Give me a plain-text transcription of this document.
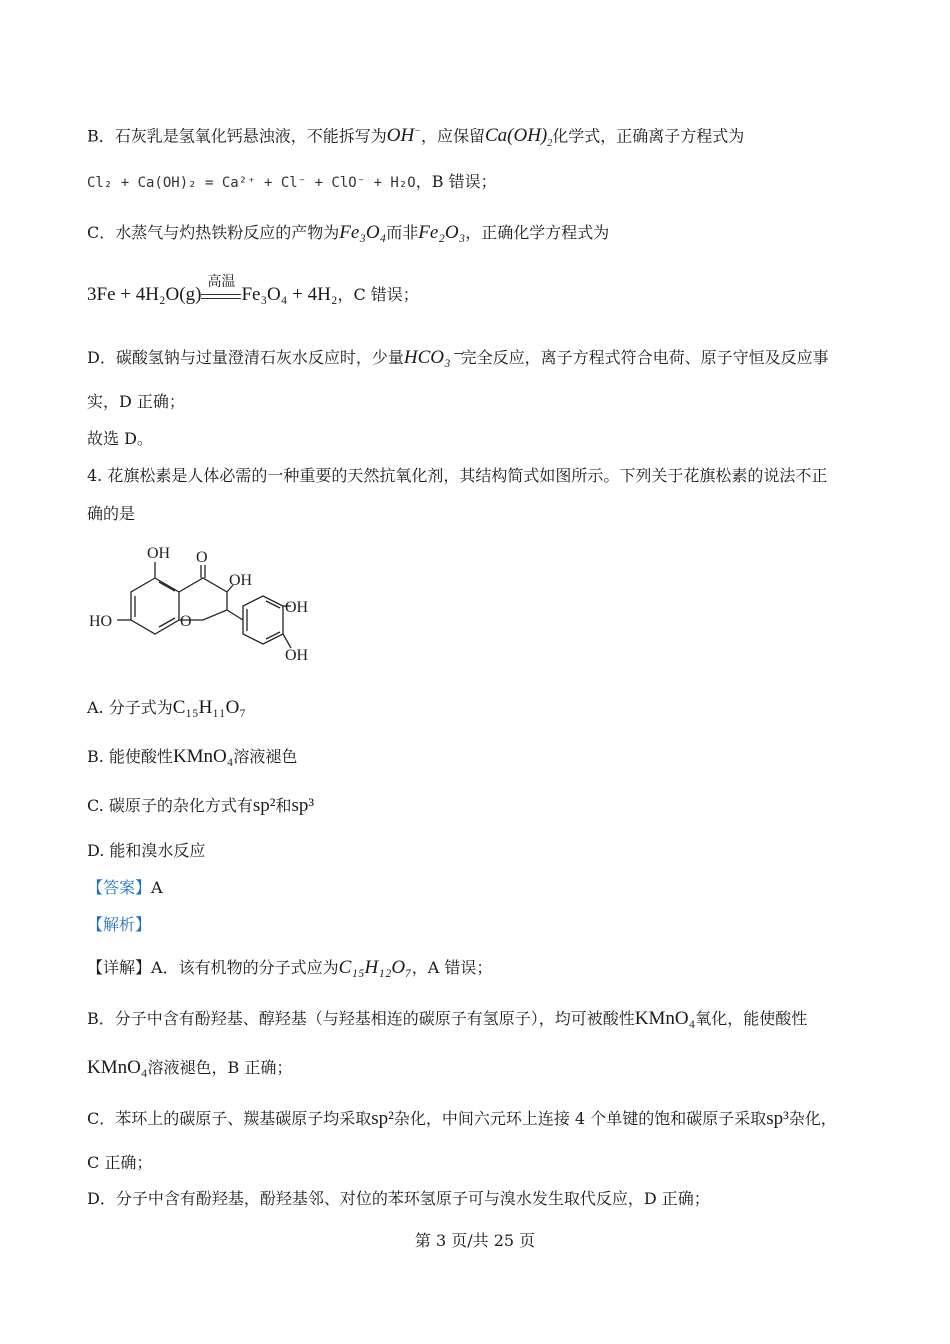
B．石灰乳是氢氧化钙悬浊液，不能拆写为OH−，应保留$Ca(OH)_2$化学式，正确离子方程式为
Cl₂ + Ca(OH)₂ = Ca²⁺ + Cl⁻ + ClO⁻ + H₂O，B 错误；
C．水蒸气与灼热铁粉反应的产物为Fe₃O₄而非Fe₂O₃，正确化学方程式为
3Fe + 4H₂O(g)
高温
Fe₃O₄ + 4H₂，C 错误；
D．碳酸氢钠与过量澄清石灰水反应时，少量HCO₃⁻完全反应，离子方程式符合电荷、原子守恒及反应事
实，D 正确；
故选 D。
4. 花旗松素是人体必需的一种重要的天然抗氧化剂，其结构简式如图所示。下列关于花旗松素的说法不正
确的是
OH O
OH
OH
HO	O
OH
A. 分子式为C₁₅H₁₁O₇
B. 能使酸性KMnO₄溶液褪色
C. 碳原子的杂化方式有sp²和sp³
D. 能和溴水反应
【答案】A
【解析】
【详解】A．该有机物的分子式应为C₁₅H₁₂O₇，A 错误；
B．分子中含有酚羟基、醇羟基（与羟基相连的碳原子有氢原子），均可被酸性KMnO₄氧化，能使酸性
KMnO₄溶液褪色，B 正确；
C．苯环上的碳原子、羰基碳原子均采取sp²杂化，中间六元环上连接 4 个单键的饱和碳原子采取sp³杂化，
C 正确；
D．分子中含有酚羟基，酚羟基邻、对位的苯环氢原子可与溴水发生取代反应，D 正确；
第 3 页/共 25 页
